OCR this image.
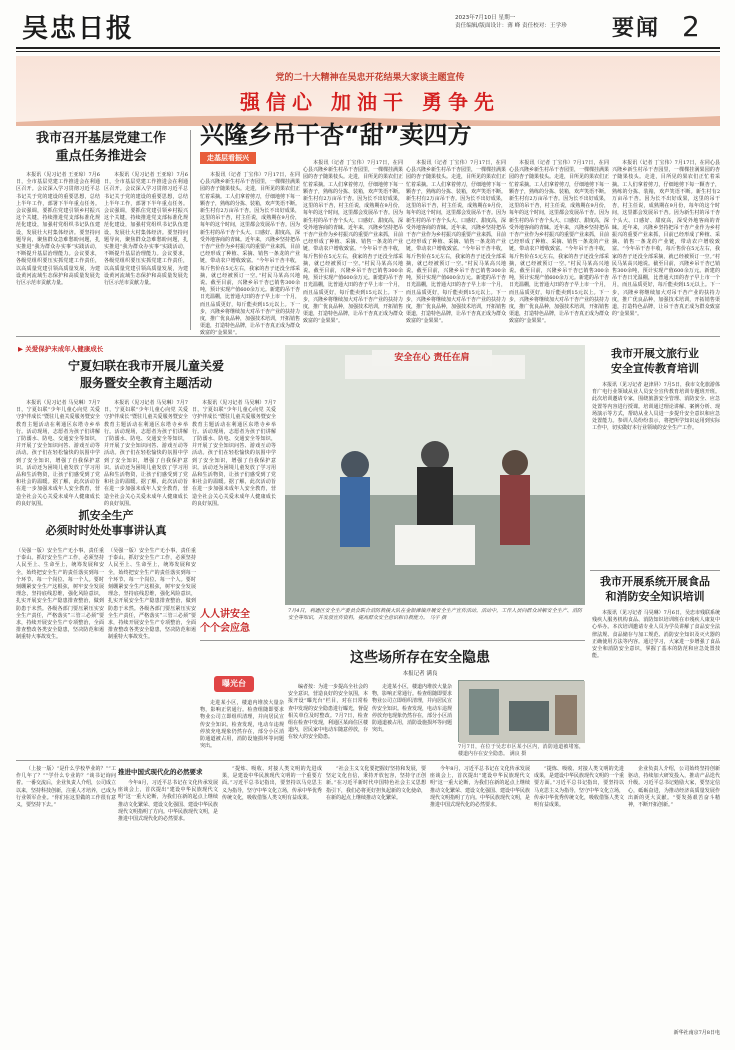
吴忠日报	2023年7月10日 星期一
责任编辑/版面设计：薄 峰 责任校对：王学珍	要闻 2
党的二十大精神在吴忠开花结果大家谈主题宣传
强信心 加油干 勇争先
我市召开基层党建工作
重点任务推进会
本报讯（见习记者 王亚琼）7月6日，全市基层党建工作推进会在利通区召开。会议深入学习贯彻习近平总书记关于党的建设的重要思想，总结上半年工作，部署下半年重点任务。会议强调，要抓住党建引领乡村振兴这个关键，持续推进党支部标准化规范化建设，加强村党组织书记队伍建设，发展壮大村集体经济。要坚持问题导向，聚焦群众急难愁盼问题，扎实推进“我为群众办实事”实践活动，不断提升基层治理能力。会议要求，各级党组织要压实抓党建工作责任，以高质量党建引领高质量发展，为建设黄河流域生态保护和高质量发展先行区示范市贡献力量。
本报讯（见习记者 王亚琼）7月6日，全市基层党建工作推进会在利通区召开。会议深入学习贯彻习近平总书记关于党的建设的重要思想，总结上半年工作，部署下半年重点任务。会议强调，要抓住党建引领乡村振兴这个关键，持续推进党支部标准化规范化建设，加强村党组织书记队伍建设，发展壮大村集体经济。要坚持问题导向，聚焦群众急难愁盼问题，扎实推进“我为群众办实事”实践活动，不断提升基层治理能力。会议要求，各级党组织要压实抓党建工作责任，以高质量党建引领高质量发展，为建设黄河流域生态保护和高质量发展先行区示范市贡献力量。
兴隆乡吊干杏“甜”卖四方
走基层看振兴
本报讯（记者 丁宝伟）7月17日，在同心县兴隆乡新生村吊干杏园里，一棵棵挂满果园的杏子随果枝头。走进，目所见的果农们正忙着采摘。工人们拿着剪刀，仔细地剪下每一颗杏子，熟练的分拣、装箱，欢声笑语不断。新生村有2万亩吊干杏。因为长不出好成果，这里的吊干杏，村主任说，成熟期在9月份，每年的这个时间，这里都会发展吊干杏。因为新生村的吊干杏个头大、口感好、甜度高，深受外地客商的青睐。近年来，兴隆乡坚持把吊干杏产业作为乡村振兴的重要产业来抓，目前已经形成了种植、采摘、销售一条龙的产业链，带动农户增收致富。“今年吊干杏丰收，每斤售价在5元左右，我家的杏子还没全部采摘，就已经被预订一空。”村民马某高兴地说。截至目前，兴隆乡吊干杏已销售300余吨，预计实现产值600余万元。新建的吊干杏日光温棚，比普通大田的杏子早上市一个月，而且品质更好，每斤能卖到15元以上。下一步，兴隆乡将继续加大对吊干杏产业的扶持力度，推广优良品种，加强技术培训，开拓销售渠道，打造特色品牌，让吊干杏真正成为群众致富的“金果果”。
本报讯（记者 丁宝伟）7月17日，在同心县兴隆乡新生村吊干杏园里，一棵棵挂满果园的杏子随果枝头。走进，目所见的果农们正忙着采摘。工人们拿着剪刀，仔细地剪下每一颗杏子，熟练的分拣、装箱，欢声笑语不断。新生村有2万亩吊干杏。因为长不出好成果，这里的吊干杏，村主任说，成熟期在9月份，每年的这个时间，这里都会发展吊干杏。因为新生村的吊干杏个头大、口感好、甜度高，深受外地客商的青睐。近年来，兴隆乡坚持把吊干杏产业作为乡村振兴的重要产业来抓，目前已经形成了种植、采摘、销售一条龙的产业链，带动农户增收致富。“今年吊干杏丰收，每斤售价在5元左右，我家的杏子还没全部采摘，就已经被预订一空。”村民马某高兴地说。截至目前，兴隆乡吊干杏已销售300余吨，预计实现产值600余万元。新建的吊干杏日光温棚，比普通大田的杏子早上市一个月，而且品质更好，每斤能卖到15元以上。下一步，兴隆乡将继续加大对吊干杏产业的扶持力度，推广优良品种，加强技术培训，开拓销售渠道，打造特色品牌，让吊干杏真正成为群众致富的“金果果”。
本报讯（记者 丁宝伟）7月17日，在同心县兴隆乡新生村吊干杏园里，一棵棵挂满果园的杏子随果枝头。走进，目所见的果农们正忙着采摘。工人们拿着剪刀，仔细地剪下每一颗杏子，熟练的分拣、装箱，欢声笑语不断。新生村有2万亩吊干杏。因为长不出好成果，这里的吊干杏，村主任说，成熟期在9月份，每年的这个时间，这里都会发展吊干杏。因为新生村的吊干杏个头大、口感好、甜度高，深受外地客商的青睐。近年来，兴隆乡坚持把吊干杏产业作为乡村振兴的重要产业来抓，目前已经形成了种植、采摘、销售一条龙的产业链，带动农户增收致富。“今年吊干杏丰收，每斤售价在5元左右，我家的杏子还没全部采摘，就已经被预订一空。”村民马某高兴地说。截至目前，兴隆乡吊干杏已销售300余吨，预计实现产值600余万元。新建的吊干杏日光温棚，比普通大田的杏子早上市一个月，而且品质更好，每斤能卖到15元以上。下一步，兴隆乡将继续加大对吊干杏产业的扶持力度，推广优良品种，加强技术培训，开拓销售渠道，打造特色品牌，让吊干杏真正成为群众致富的“金果果”。
本报讯（记者 丁宝伟）7月17日，在同心县兴隆乡新生村吊干杏园里，一棵棵挂满果园的杏子随果枝头。走进，目所见的果农们正忙着采摘。工人们拿着剪刀，仔细地剪下每一颗杏子，熟练的分拣、装箱，欢声笑语不断。新生村有2万亩吊干杏。因为长不出好成果，这里的吊干杏，村主任说，成熟期在9月份，每年的这个时间，这里都会发展吊干杏。因为新生村的吊干杏个头大、口感好、甜度高，深受外地客商的青睐。近年来，兴隆乡坚持把吊干杏产业作为乡村振兴的重要产业来抓，目前已经形成了种植、采摘、销售一条龙的产业链，带动农户增收致富。“今年吊干杏丰收，每斤售价在5元左右，我家的杏子还没全部采摘，就已经被预订一空。”村民马某高兴地说。截至目前，兴隆乡吊干杏已销售300余吨，预计实现产值600余万元。新建的吊干杏日光温棚，比普通大田的杏子早上市一个月，而且品质更好，每斤能卖到15元以上。下一步，兴隆乡将继续加大对吊干杏产业的扶持力度，推广优良品种，加强技术培训，开拓销售渠道，打造特色品牌，让吊干杏真正成为群众致富的“金果果”。
本报讯（记者 丁宝伟）7月17日，在同心县兴隆乡新生村吊干杏园里，一棵棵挂满果园的杏子随果枝头。走进，目所见的果农们正忙着采摘。工人们拿着剪刀，仔细地剪下每一颗杏子，熟练的分拣、装箱，欢声笑语不断。新生村有2万亩吊干杏。因为长不出好成果，这里的吊干杏，村主任说，成熟期在9月份，每年的这个时间，这里都会发展吊干杏。因为新生村的吊干杏个头大、口感好、甜度高，深受外地客商的青睐。近年来，兴隆乡坚持把吊干杏产业作为乡村振兴的重要产业来抓，目前已经形成了种植、采摘、销售一条龙的产业链，带动农户增收致富。“今年吊干杏丰收，每斤售价在5元左右，我家的杏子还没全部采摘，就已经被预订一空。”村民马某高兴地说。截至目前，兴隆乡吊干杏已销售300余吨，预计实现产值600余万元。新建的吊干杏日光温棚，比普通大田的杏子早上市一个月，而且品质更好，每斤能卖到15元以上。下一步，兴隆乡将继续加大对吊干杏产业的扶持力度，推广优良品种，加强技术培训，开拓销售渠道，打造特色品牌，让吊干杏真正成为群众致富的“金果果”。
▶ 关爱保护未成年人健康成长
宁夏妇联在我市开展儿童关爱
服务暨安全教育主题活动
本报讯（见习记者 马吴琳）7月7日，宁夏妇联“少年儿童心向党 关爱守护伴成长”暨驻儿童关爱服务暨安全教育主题活动在利通区东塔寺乡举行。活动现场，志愿者为孩子们讲解了防溺水、防电、交通安全等知识，并开展了安全知识问答、游戏互动等活动。孩子们在轻松愉快的氛围中学到了安全知识，增强了自我保护意识。活动还为困境儿童发放了学习用品和生活物资，让孩子们感受到了党和社会的温暖。据了解，此次活动旨在进一步加强未成年人安全教育，营造全社会关心关爱未成年人健康成长的良好氛围。
本报讯（见习记者 马吴琳）7月7日，宁夏妇联“少年儿童心向党 关爱守护伴成长”暨驻儿童关爱服务暨安全教育主题活动在利通区东塔寺乡举行。活动现场，志愿者为孩子们讲解了防溺水、防电、交通安全等知识，并开展了安全知识问答、游戏互动等活动。孩子们在轻松愉快的氛围中学到了安全知识，增强了自我保护意识。活动还为困境儿童发放了学习用品和生活物资，让孩子们感受到了党和社会的温暖。据了解，此次活动旨在进一步加强未成年人安全教育，营造全社会关心关爱未成年人健康成长的良好氛围。
本报讯（见习记者 马吴琳）7月7日，宁夏妇联“少年儿童心向党 关爱守护伴成长”暨驻儿童关爱服务暨安全教育主题活动在利通区东塔寺乡举行。活动现场，志愿者为孩子们讲解了防溺水、防电、交通安全等知识，并开展了安全知识问答、游戏互动等活动。孩子们在轻松愉快的氛围中学到了安全知识，增强了自我保护意识。活动还为困境儿童发放了学习用品和生活物资，让孩子们感受到了党和社会的温暖。据了解，此次活动旨在进一步加强未成年人安全教育，营造全社会关心关爱未成年人健康成长的良好氛围。
安全在心 责任在肩	我市开展文旅行业
安全宣传教育培训
本报讯（见习记者 赵津屏）7月5日，我市文化旅游体育广电行业领域从业人员安全宣传教育培训专题班开班。此次培训邀请专家，围绕旅游安全管理、消防安全、应急处置等内容进行授课。培训通过理论讲解、案例分析、现场演示等方式，帮助从业人员进一步提升安全意识和应急处置能力。参训人员纷纷表示，将把所学知识运用到实际工作中，切实做好本行业领域的安全生产工作。
人人讲安全
个个会应急
7月4日，利通区安全生产委员会联合消防救援大队在金银滩镇开展安全生产宣传活动。活动中，工作人员向群众讲解安全生产、消防安全等知识，并发放宣传资料，提高群众安全意识和自救能力。 马宇 摄
抓安全生产
必须时时处处事事讲认真
（吴强一版）安全生产无小事，责任重于泰山。抓好安全生产工作，必须坚持人民至上、生命至上，统筹发展和安全，始终把安全生产的责任落实到每一个环节、每一个岗位、每一个人。要时刻绷紧安全生产这根弦，树牢安全发展理念，坚持底线思维，强化风险意识，扎实开展安全生产隐患排查整治，做到防患于未然。各级各部门要压紧压实安全生产责任，严格落实“三管三必须”要求，持续开展安全生产专项整治，全面排查整改各类安全隐患，坚决防范和遏制重特大事故发生。
（吴强一版）安全生产无小事，责任重于泰山。抓好安全生产工作，必须坚持人民至上、生命至上，统筹发展和安全，始终把安全生产的责任落实到每一个环节、每一个岗位、每一个人。要时刻绷紧安全生产这根弦，树牢安全发展理念，坚持底线思维，强化风险意识，扎实开展安全生产隐患排查整治，做到防患于未然。各级各部门要压紧压实安全生产责任，严格落实“三管三必须”要求，持续开展安全生产专项整治，全面排查整改各类安全隐患，坚决防范和遏制重特大事故发生。
我市开展系统开展食品
和消防安全知识培训
本报讯（见习记者 马昊琳）7月6日，吴忠市残联系统残疾人服务机构食品、消防知识培训班在市残疾人康复中心举办。本次培训邀请专业人员为学员讲解了食品安全法律法规、食品储存与加工规范、消防安全知识及灭火器的正确使用方法等内容。通过学习，大家进一步增强了食品安全和消防安全意识，掌握了基本的防范和应急处置技能。
曝光台
这些场所存在安全隐患
本报记者 满良
走进某小区，楼道内堆放大量杂物，影响正常通行。检查组随即要求物业公司立即组织清理，并向居民宣传安全知识。检查发现，电动车违规停放充电现象仍然存在，部分小区消防通道被占用，消防设施损坏等问题突出。
编者按：为进一步提高全社会的安全意识，营造良好的安全氛围，本报开设“曝光台”栏目，对在日常检查中发现的安全隐患进行曝光，督促相关单位及时整改。7月7日，检查组在检查中发现，利通区某商住区楼道内，居民家中电动车随意停放，存在较大的安全隐患。
走进某小区，楼道内堆放大量杂物，影响正常通行。检查组随即要求物业公司立即组织清理，并向居民宣传安全知识。检查发现，电动车违规停放充电现象仍然存在，部分小区消防通道被占用，消防设施损坏等问题突出。
7月7日，在位于吴忠市区某小区内，消防通道被堵塞，楼道内存在安全隐患。 满良 摄
（上接一版）“是什么学校毕业的？”“工作几年了？”“学什么专业的？”谈书记询问着。一番交流后，企业负责人介绍，公司成立以来，坚持科技创新，注重人才培养，已成为行业领军企业。“你们在这里做的工作很有意义，要坚持下去。”
推进中国式现代化的必然要求
今年8月，习近平总书记在文化传承发展座谈会上，首次提出“建设中华民族现代文明”这一重大论断，为我们在新的起点上继续推动文化繁荣、建设文化强国、建设中华民族现代文明指明了方向。中华民族现代文明，是推进中国式现代化的必然要求。
“提炼、吸收、对接人类文明的先进成果，是建设中华民族现代文明的一个重要方面。”习近平总书记指出，要坚持以马克思主义为指导，坚守中华文化立场，传承中华优秀传统文化，吸收借鉴人类文明有益成果。
“社会主义文化要把握好坚持和发展，要坚定文化自信，秉持开放包容，坚持守正创新。”在习近平新时代中国特色社会主义思想指引下，我们必将更好担负起新的文化使命，在新的起点上继续推动文化繁荣。
今年8月，习近平总书记在文化传承发展座谈会上，首次提出“建设中华民族现代文明”这一重大论断，为我们在新的起点上继续推动文化繁荣、建设文化强国、建设中华民族现代文明指明了方向。中华民族现代文明，是推进中国式现代化的必然要求。
“提炼、吸收、对接人类文明的先进成果，是建设中华民族现代文明的一个重要方面。”习近平总书记指出，要坚持以马克思主义为指导，坚守中华文化立场，传承中华优秀传统文化，吸收借鉴人类文明有益成果。
企业负责人介绍，公司始终坚持创新驱动，持续加大研发投入，推动产品迭代升级。习近平总书记勉励大家，要坚定信心，砥砺奋进，为推动经济高质量发展作出新的更大贡献。“要发扬艰苦奋斗精神，不断开拓创新。”
新华社南京7月8日电
